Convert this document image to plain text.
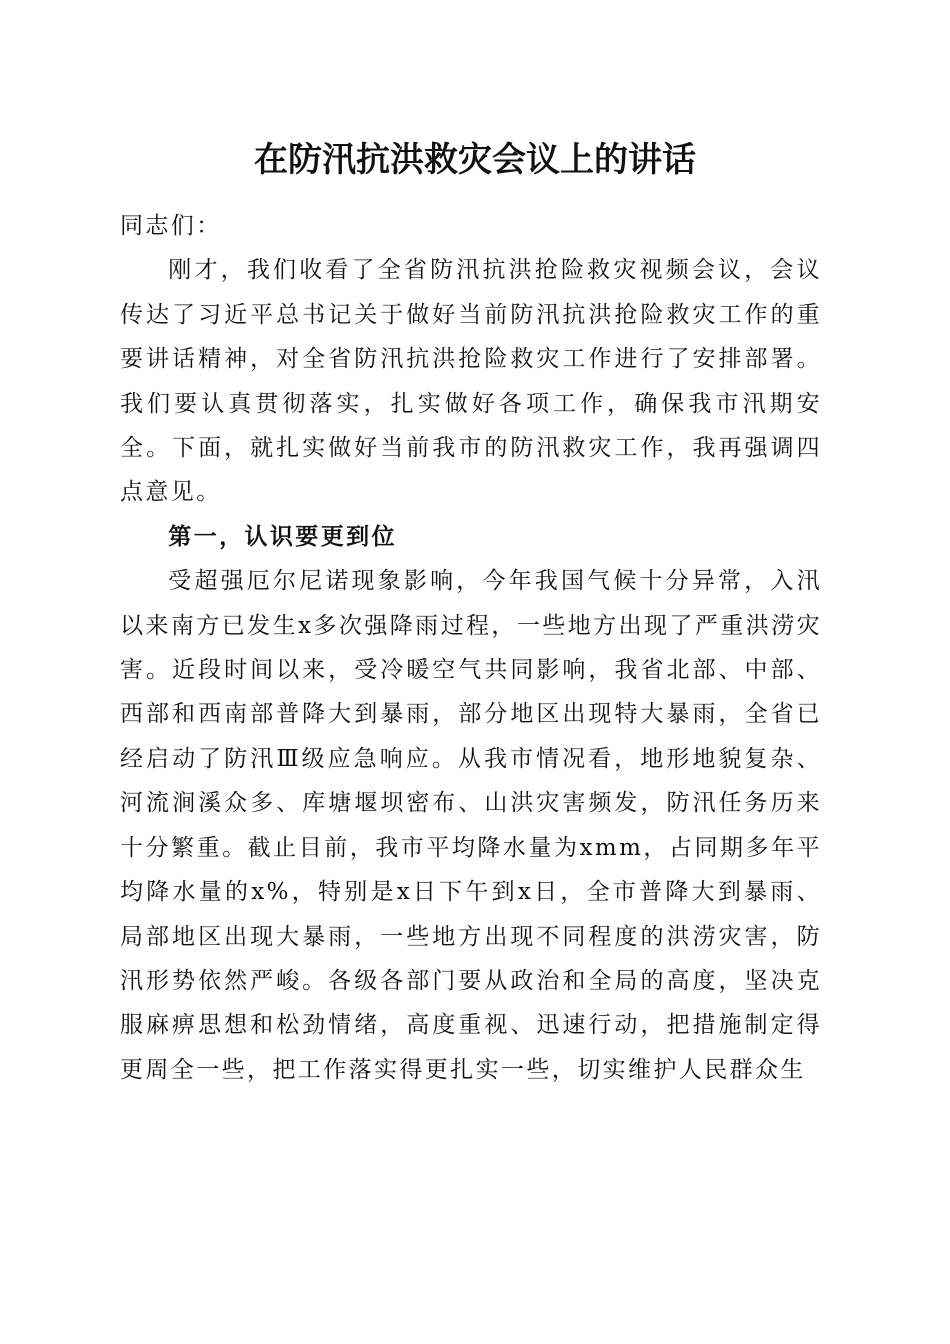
在防汛抗洪救灾会议上的讲话

同志们：

刚才，我们收看了全省防汛抗洪抢险救灾视频会议，会议传达了习近平总书记关于做好当前防汛抗洪抢险救灾工作的重要讲话精神，对全省防汛抗洪抢险救灾工作进行了安排部署。我们要认真贯彻落实，扎实做好各项工作，确保我市汛期安全。下面，就扎实做好当前我市的防汛救灾工作，我再强调四点意见。

第一，认识要更到位

受超强厄尔尼诺现象影响，今年我国气候十分异常，入汛以来南方已发生x多次强降雨过程，一些地方出现了严重洪涝灾害。近段时间以来，受冷暖空气共同影响，我省北部、中部、西部和西南部普降大到暴雨，部分地区出现特大暴雨，全省已经启动了防汛Ⅲ级应急响应。从我市情况看，地形地貌复杂、河流涧溪众多、库塘堰坝密布、山洪灾害频发，防汛任务历来十分繁重。截止目前，我市平均降水量为xmm，占同期多年平均降水量的x%，特别是x日下午到x日，全市普降大到暴雨、局部地区出现大暴雨，一些地方出现不同程度的洪涝灾害，防汛形势依然严峻。各级各部门要从政治和全局的高度，坚决克服麻痹思想和松劲情绪，高度重视、迅速行动，把措施制定得更周全一些，把工作落实得更扎实一些，切实维护人民群众生
